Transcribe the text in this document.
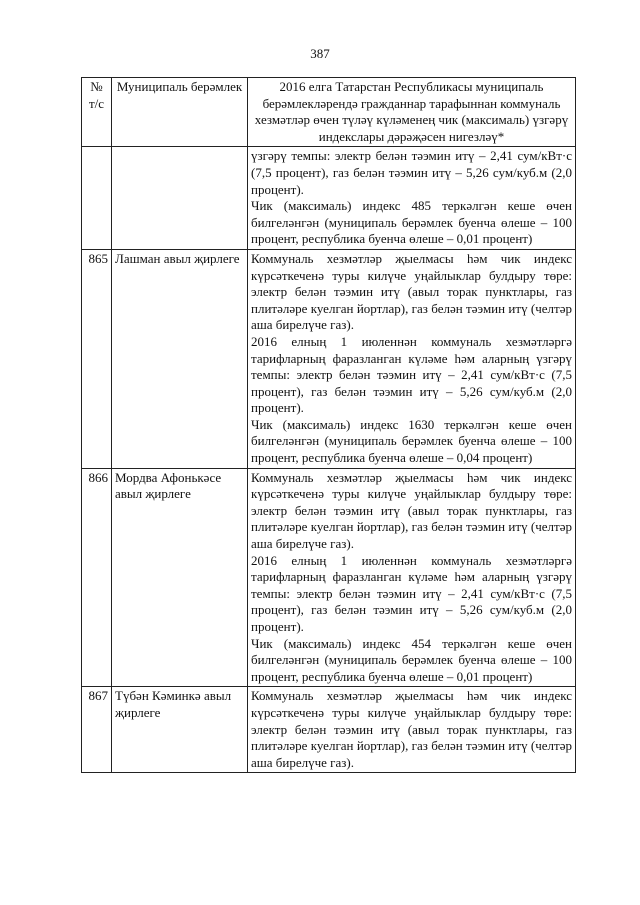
387
№ т/с	Муниципаль берәмлек	2016 елга Татарстан Республикасы муниципаль берәмлекләрендә гражданнар тарафыннан коммуналь хезмәтләр өчен түләү күләменең чик (максималь) үзгәрү индекслары дәрәҗәсен нигезләү*

		үзгәрү темпы: электр белән тәэмин итү – 2,41 сум/кВт·с (7,5 процент), газ белән тәэмин итү – 5,26 сум/куб.м (2,0 процент).

Чик (максималь) индекс 485 теркәлгән кеше өчен билгеләнгән (муниципаль берәмлек буенча өлеше – 100 процент, республика буенча өлеше – 0,01 процент)

865	Лашман авыл җирлеге	Коммуналь хезмәтләр җыелмасы һәм чик индекс күрсәткеченә туры килүче уңайлыклар булдыру төре: электр белән тәэмин итү (авыл торак пунктлары, газ плитәләре куелган йортлар), газ белән тәэмин итү (челтәр аша бирелүче газ).

2016 елның 1 июленнән коммуналь хезмәтләргә тарифларның фаразланган күләме һәм аларның үзгәрү темпы: электр белән тәэмин итү – 2,41 сум/кВт·с (7,5 процент), газ белән тәэмин итү – 5,26 сум/куб.м (2,0 процент).

Чик (максималь) индекс 1630 теркәлгән кеше өчен билгеләнгән (муниципаль берәмлек буенча өлеше – 100 процент, республика буенча өлеше – 0,04 процент)

866	Мордва Афонькәсе авыл җирлеге	Коммуналь хезмәтләр җыелмасы һәм чик индекс күрсәткеченә туры килүче уңайлыклар булдыру төре: электр белән тәэмин итү (авыл торак пунктлары, газ плитәләре куелган йортлар), газ белән тәэмин итү (челтәр аша бирелүче газ).

2016 елның 1 июленнән коммуналь хезмәтләргә тарифларның фаразланган күләме һәм аларның үзгәрү темпы: электр белән тәэмин итү – 2,41 сум/кВт·с (7,5 процент), газ белән тәэмин итү – 5,26 сум/куб.м (2,0 процент).

Чик (максималь) индекс 454 теркәлгән кеше өчен билгеләнгән (муниципаль берәмлек буенча өлеше – 100 процент, республика буенча өлеше – 0,01 процент)

867	Түбән Кәминкә авыл җирлеге	Коммуналь хезмәтләр җыелмасы һәм чик индекс күрсәткеченә туры килүче уңайлыклар булдыру төре: электр белән тәэмин итү (авыл торак пунктлары, газ плитәләре куелган йортлар), газ белән тәэмин итү (челтәр аша бирелүче газ).
